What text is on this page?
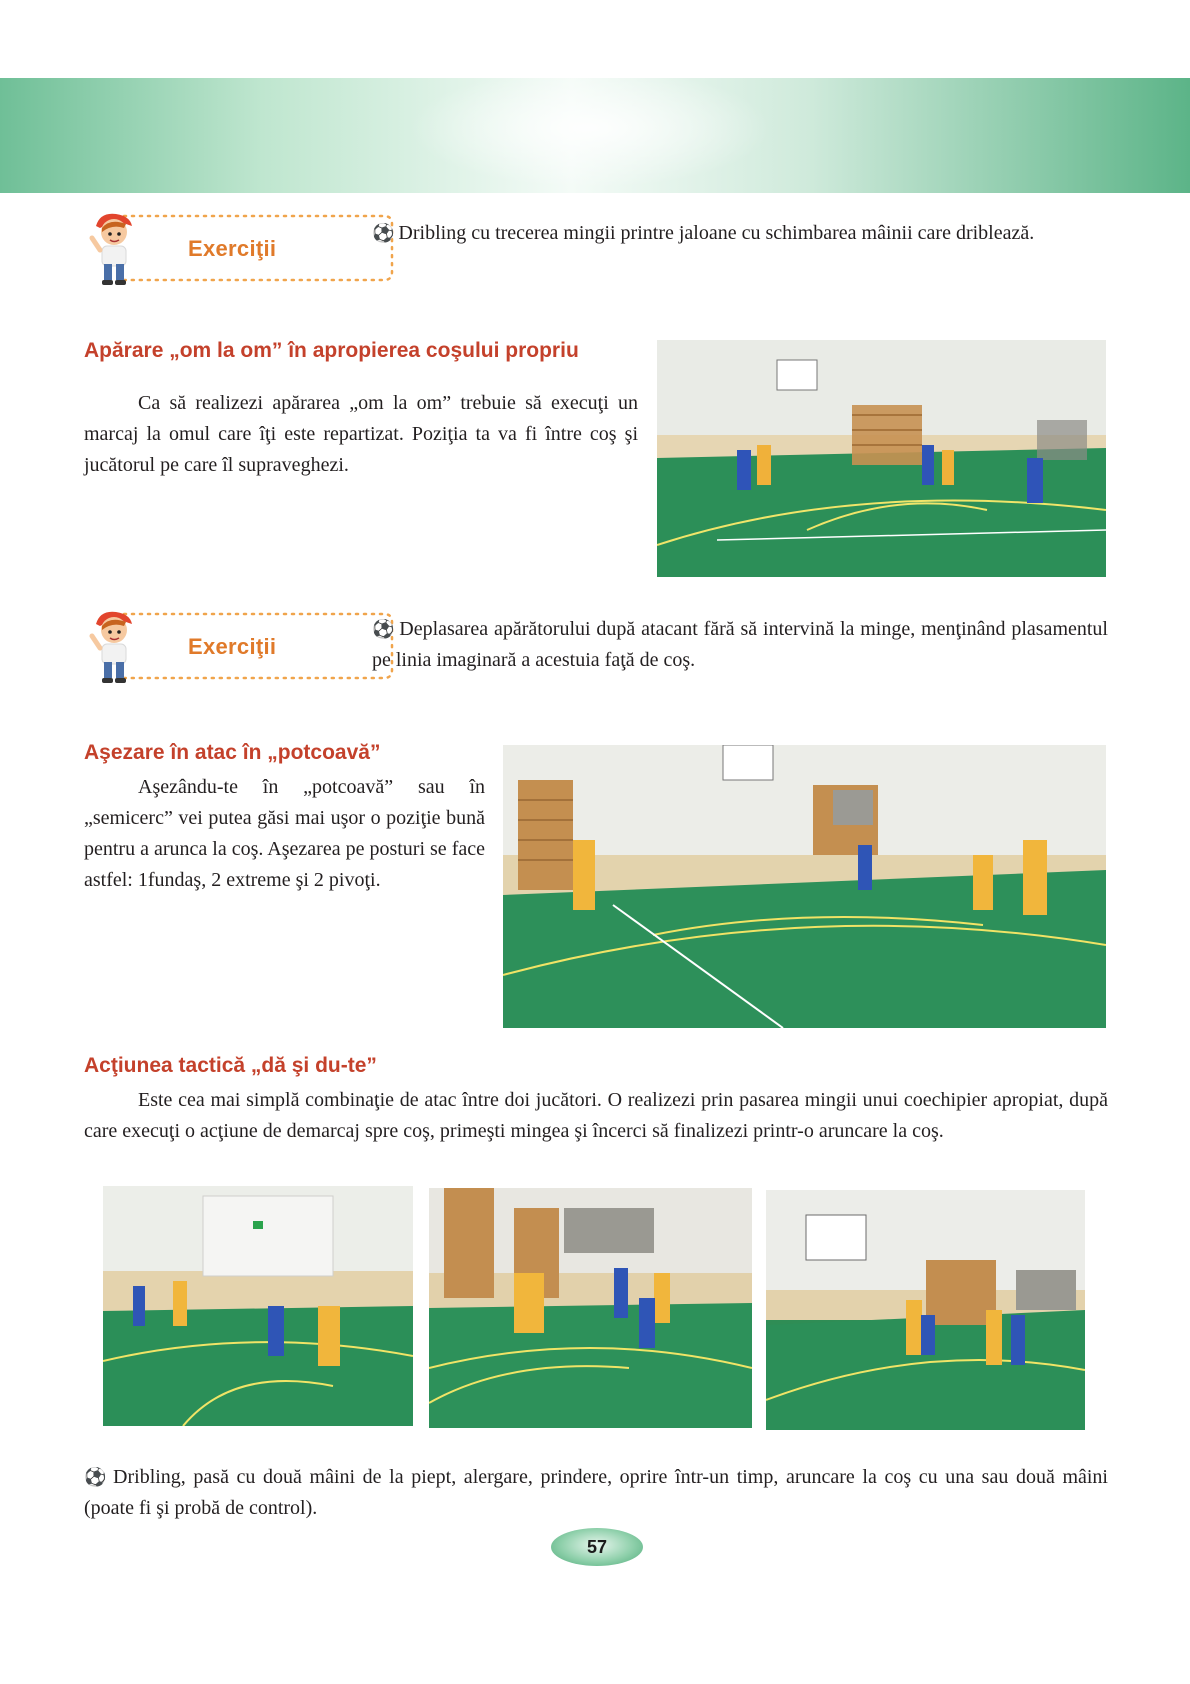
Exerciţii
⚽ Dribling cu trecerea mingii printre jaloane cu schimbarea mâinii care driblează.
Apărare „om la om” în apropierea coşului propriu
Ca să realizezi apărarea „om la om” trebuie să execuţi un marcaj la omul care îţi este repartizat. Poziţia ta va fi între coş şi jucătorul pe care îl supraveghezi.
Exerciţii
⚽ Deplasarea apărătorului după atacant fără să intervină la minge, menţinând plasamentul pe linia imaginară a acestuia faţă de coş.
Aşezare în atac în „potcoavă”
Aşezându-te în „potcoavă” sau în „semicerc” vei putea găsi mai uşor o poziţie bună pentru a arunca la coş. Aşezarea pe posturi se face astfel: 1fundaş, 2 extreme şi 2 pivoţi.
Acţiunea tactică „dă şi du-te”
Este cea mai simplă combinaţie de atac între doi jucători. O realizezi prin pasarea mingii unui coechipier apropiat, după care execuţi o acţiune de demarcaj spre coş, primeşti mingea şi încerci să finalizezi printr-o aruncare la coş.
⚽ Dribling, pasă cu două mâini de la piept, alergare, prindere, oprire într-un timp, aruncare la coş cu una sau două mâini (poate fi şi probă de control).
57
